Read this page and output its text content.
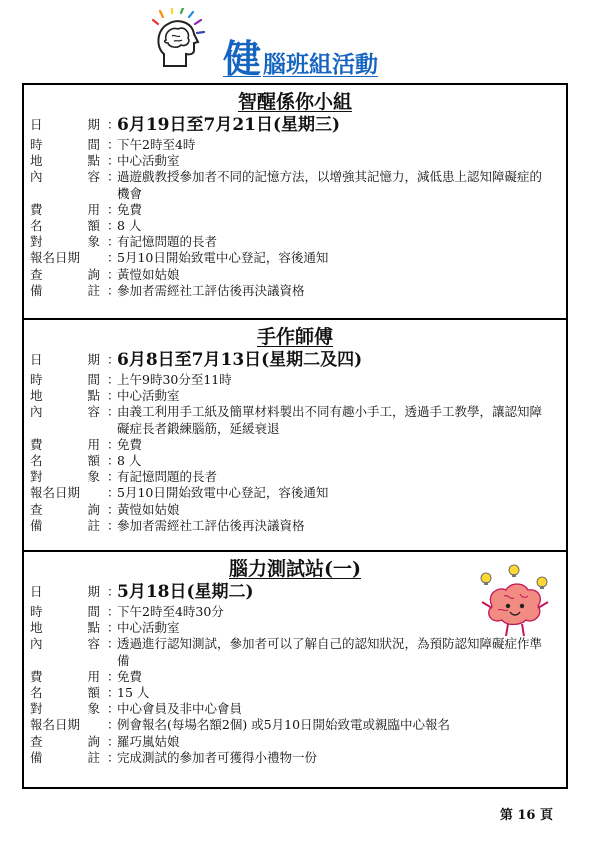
健腦班組活動
智醒係你小組
日	期 ：
6月19日至7月21日(星期三)
時	間 ：
下午2時至4時
地	點 ：
中心活動室
內	容 ：
過遊戲教授參加者不同的記憶方法，以增強其記憶力，減低患上認知障礙症的機會
費	用 ：
免費
名	額 ：
8 人
對	象 ：
有記憶問題的長者
報名日期	：
5月10日開始致電中心登記，容後通知
查	詢 ：
黃愷如姑娘
備	註 ：
參加者需經社工評估後再決議資格
手作師傅
日	期 ：
6月8日至7月13日(星期二及四)
時	間 ：
上午9時30分至11時
地	點 ：
中心活動室
內	容 ：
由義工利用手工紙及簡單材料製出不同有趣小手工，透過手工教學，讓認知障礙症長者鍛練腦筋，延緩衰退
費	用 ：
免費
名	額 ：
8 人
對	象 ：
有記憶問題的長者
報名日期	：
5月10日開始致電中心登記，容後通知
查	詢 ：
黃愷如姑娘
備	註 ：
參加者需經社工評估後再決議資格
腦力測試站(一)
日	期 ：
5月18日(星期二)
時	間 ：
下午2時至4時30分
地	點 ：
中心活動室
內	容 ：
透過進行認知測試，參加者可以了解自己的認知狀況，為預防認知障礙症作準備
費	用 ：
免費
名	額 ：
15 人
對	象 ：
中心會員及非中心會員
報名日期	：
例會報名(每場名額2個) 或5月10日開始致電或親臨中心報名
查	詢 ：
羅巧嵐姑娘
備	註 ：
完成測試的參加者可獲得小禮物一份
第 16 頁
